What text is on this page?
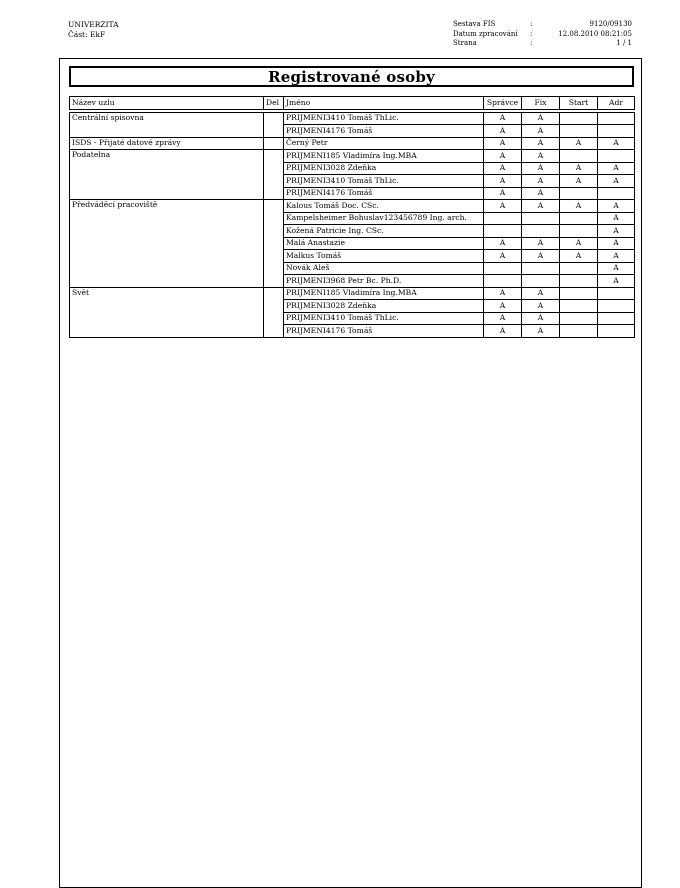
UNIVERZITA
Část: EkF
Sestava FIS	:	9120/09130
Datum zpracování	:	12.08.2010 08:21:05
Strana	:	1 / 1
Registrované osoby
Název uzlu	Del	Jméno	Správce	Fix	Start	Adr

Centrální spisovna		PRIJMENI3410 Tomáš ThLic.	A	A		
		PRIJMENI4176 Tomáš	A	A		
ISDS - Přijaté datové zprávy		Černý Petr	A	A	A	A
Podatelna		PRIJMENI185 Vladimíra Ing.MBA	A	A		
		PRIJMENI3028 Zdeňka	A	A	A	A
		PRIJMENI3410 Tomáš ThLic.	A	A	A	A
		PRIJMENI4176 Tomáš	A	A		
Předváděcí pracoviště		Kalous Tomáš Doc. CSc.	A	A	A	A
		Kampelsheimer Bohuslav123456789 Ing. arch.				A
		Kožená Patricie Ing. CSc.				A
		Malá Anastazie	A	A	A	A
		Malkus Tomáš	A	A	A	A
		Novák Aleš				A
		PRIJMENI3968 Petr Bc. Ph.D.				A
Svět		PRIJMENI185 Vladimíra Ing.MBA	A	A		
		PRIJMENI3028 Zdeňka	A	A		
		PRIJMENI3410 Tomáš ThLic.	A	A		
		PRIJMENI4176 Tomáš	A	A		
